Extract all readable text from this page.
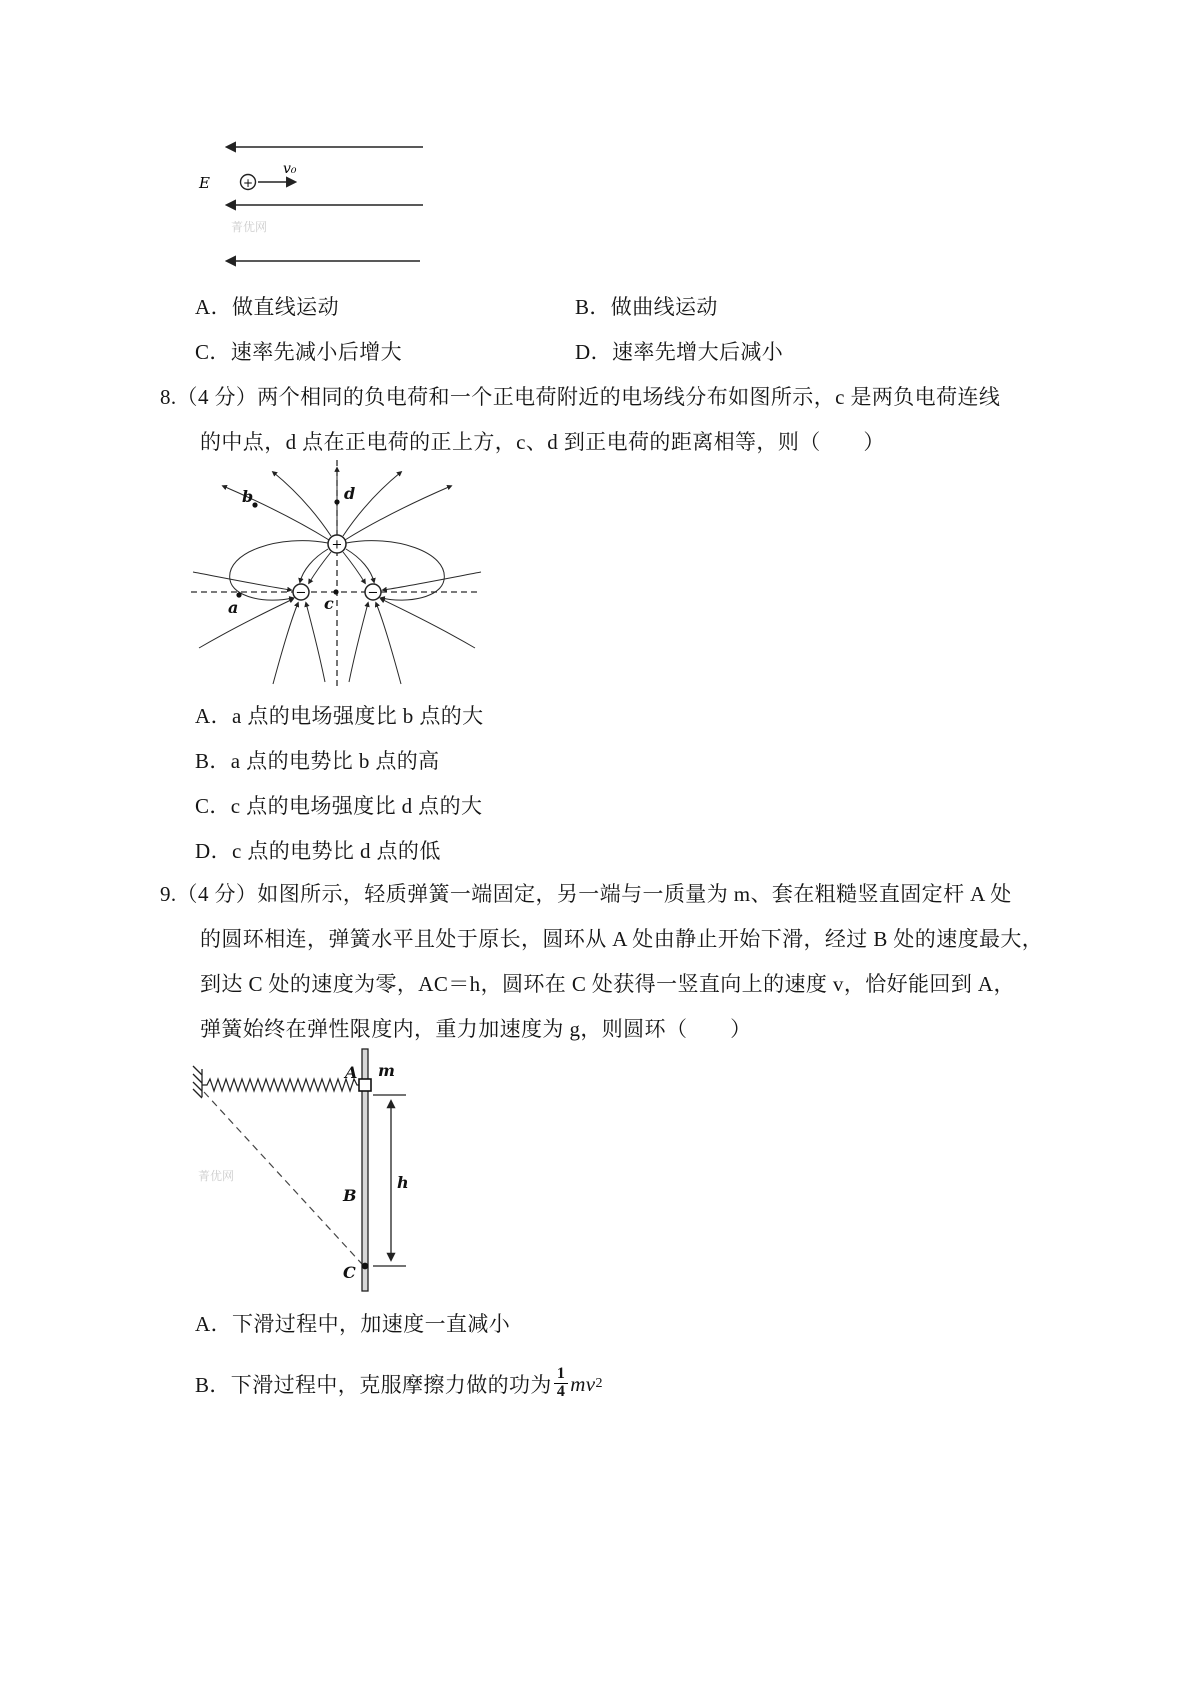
E	+
v₀
菁优网
A．做直线运动	B．做曲线运动
C．速率先减小后增大	D．速率先增大后减小
8.（4 分）两个相同的负电荷和一个正电荷附近的电场线分布如图所示，c 是两负电荷连线
的中点，d 点在正电荷的正上方，c、d 到正电荷的距离相等，则（　　）
+
−	−
b	d
a	c
A．a 点的电场强度比 b 点的大
B．a 点的电势比 b 点的高
C．c 点的电场强度比 d 点的大
D．c 点的电势比 d 点的低
9.（4 分）如图所示，轻质弹簧一端固定，另一端与一质量为 m、套在粗糙竖直固定杆 A 处
的圆环相连，弹簧水平且处于原长，圆环从 A 处由静止开始下滑，经过 B 处的速度最大，
到达 C 处的速度为零，AC＝h，圆环在 C 处获得一竖直向上的速度 v，恰好能回到 A，
弹簧始终在弹性限度内，重力加速度为 g，则圆环（　　）
A m
B
h
C
菁优网
A．下滑过程中，加速度一直减小
B．下滑过程中，克服摩擦力做的功为 $\frac{1}{4}$ mv 2
